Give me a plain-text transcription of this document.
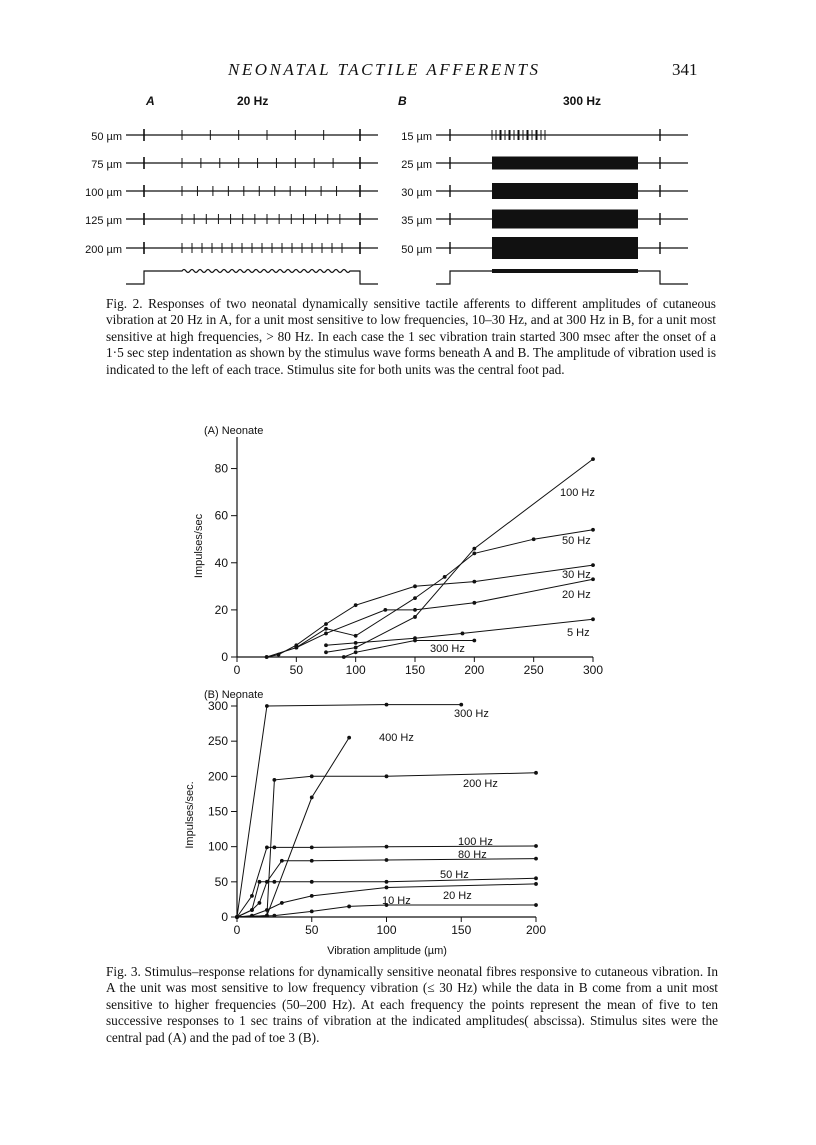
NEONATAL TACTILE AFFERENTS	341
A	20 Hz	B	300 Hz
50 µm
75 µm
100 µm
125 µm
200 µm
15 µm
25 µm
30 µm
35 µm
50 µm
Fig. 2. Responses of two neonatal dynamically sensitive tactile afferents to different amplitudes of cutaneous vibration at 20 Hz in A, for a unit most sensitive to low frequencies, 10–30 Hz, and at 300 Hz in B, for a unit most sensitive at high frequencies, > 80 Hz. In each case the 1 sec vibration train started 300 msec after the onset of a 1·5 sec step indentation as shown by the stimulus wave forms beneath A and B. The amplitude of vibration used is indicated to the left of each trace. Stimulus site for both units was the central foot pad.
(A) Neonate
Impulses/sec
0	50	100	150	200	250	300
0
20
40
60
80
100 Hz
50 Hz
30 Hz
20 Hz
5 Hz
300 Hz
(B) Neonate
Impulses/sec.
Vibration amplitude (µm)
0	50	100	150	200
0
50
100
150
200
250
300
300 Hz
400 Hz
200 Hz
100 Hz
80 Hz
50 Hz
20 Hz
10 Hz
Fig. 3. Stimulus–response relations for dynamically sensitive neonatal fibres responsive to cutaneous vibration. In A the unit was most sensitive to low frequency vibration (≤ 30 Hz) while the data in B come from a unit most sensitive to higher frequencies (50–200 Hz). At each frequency the points represent the mean of five to ten successive responses to 1 sec trains of vibration at the indicated amplitudes( abscissa). Stimulus sites were the central pad (A) and the pad of toe 3 (B).
